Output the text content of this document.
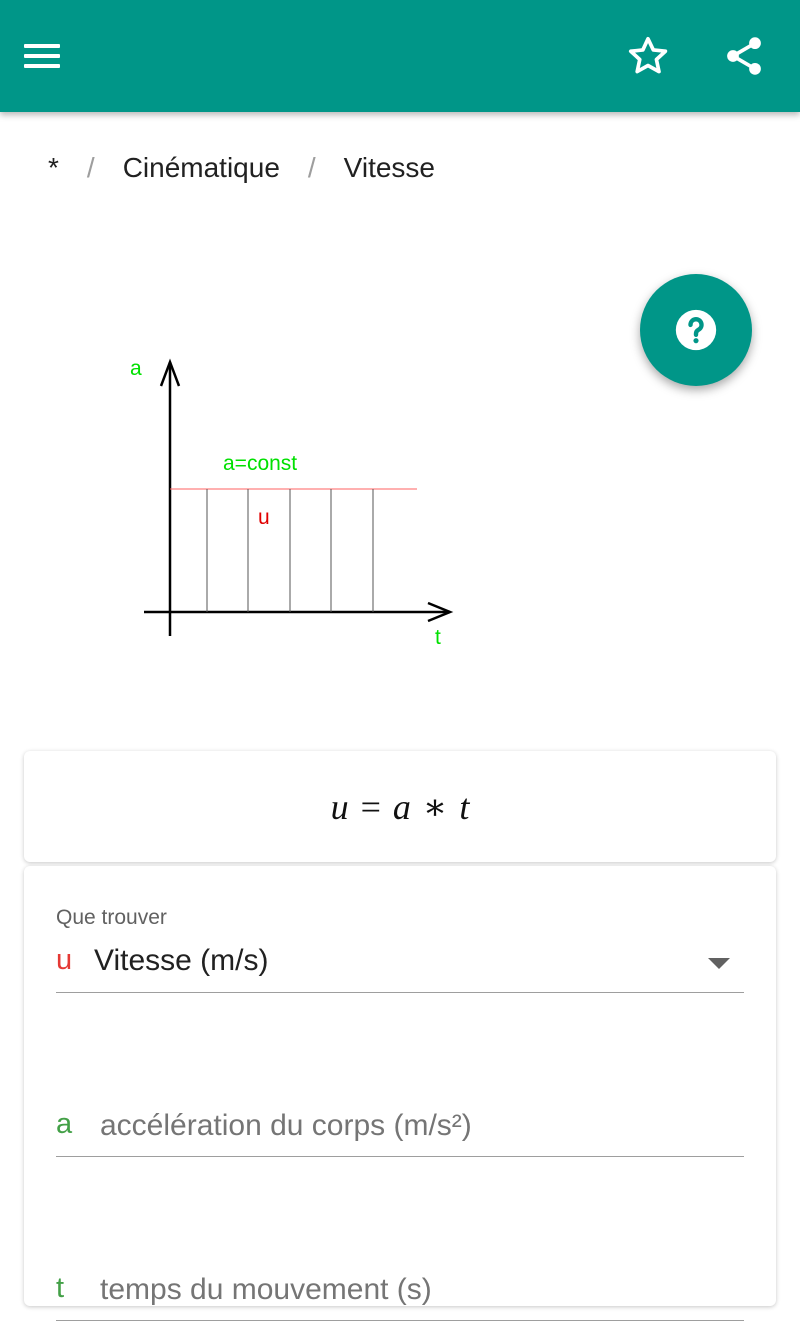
* / Cinématique / Vitesse
a
t
a=const
u
u = a ∗ t
Que trouver
u Vitesse (m/s)
a
accélération du corps (m/s²)
t
temps du mouvement (s)
